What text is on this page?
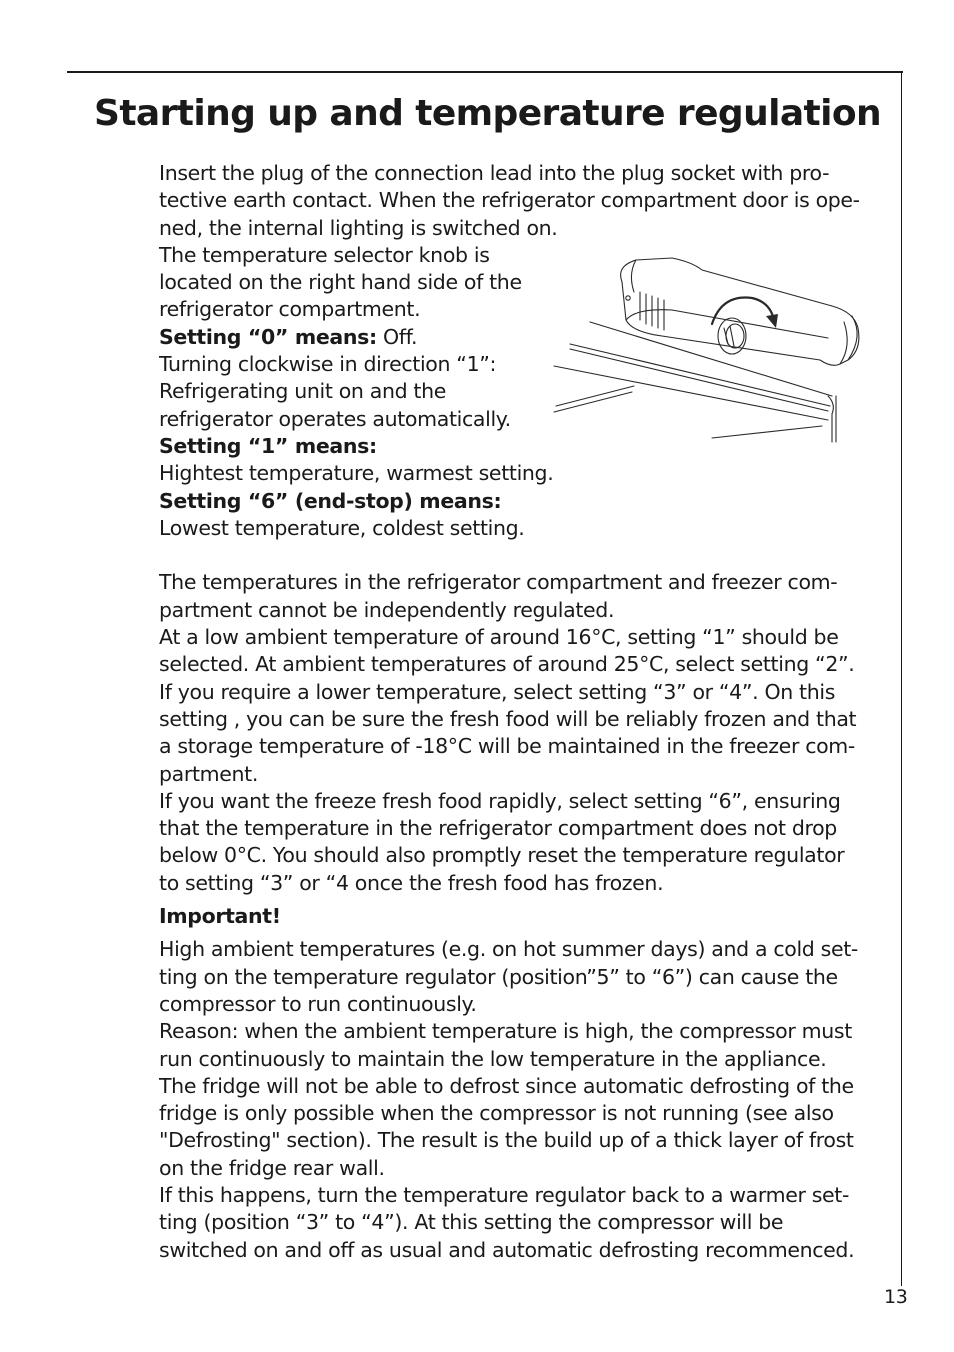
Starting up and temperature regulation
Insert the plug of the connection lead into the plug socket with pro-
tective earth contact. When the refrigerator compartment door is ope-
ned, the internal lighting is switched on.
The temperature selector knob is
located on the right hand side of the
refrigerator compartment.
Setting “0” means: Off.
Turning clockwise in direction “1”:
Refrigerating unit on and the
refrigerator operates automatically.
Setting “1” means:
Hightest temperature, warmest setting.
Setting “6” (end-stop) means:
Lowest temperature, coldest setting.
The temperatures in the refrigerator compartment and freezer com-
partment cannot be independently regulated.
At a low ambient temperature of around 16°C, setting “1” should be
selected. At ambient temperatures of around 25°C, select setting “2”.
If you require a lower temperature, select setting “3” or “4”. On this
setting , you can be sure the fresh food will be reliably frozen and that
a storage temperature of -18°C will be maintained in the freezer com-
partment.
If you want the freeze fresh food rapidly, select setting “6”, ensuring
that the temperature in the refrigerator compartment does not drop
below 0°C. You should also promptly reset the temperature regulator
to setting “3” or “4 once the fresh food has frozen.
Important!
High ambient temperatures (e.g. on hot summer days) and a cold set-
ting on the temperature regulator (position”5” to “6”) can cause the
compressor to run continuously.
Reason: when the ambient temperature is high, the compressor must
run continuously to maintain the low temperature in the appliance.
The fridge will not be able to defrost since automatic defrosting of the
fridge is only possible when the compressor is not running (see also
"Defrosting" section). The result is the build up of a thick layer of frost
on the fridge rear wall.
If this happens, turn the temperature regulator back to a warmer set-
ting (position “3” to “4”). At this setting the compressor will be
switched on and off as usual and automatic defrosting recommenced.
13
